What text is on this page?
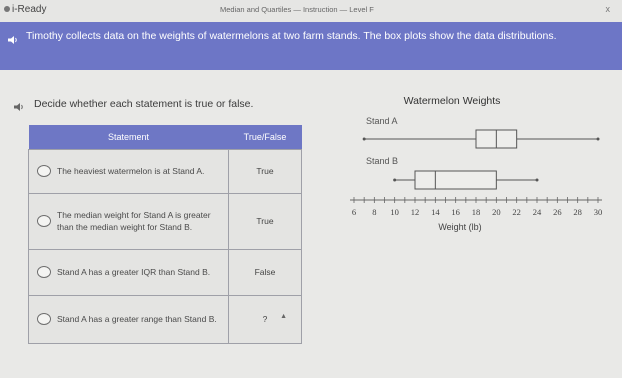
i-Ready	Median and Quartiles — Instruction — Level F	x
Timothy collects data on the weights of watermelons at two farm stands. The box plots show the data distributions.
Decide whether each statement is true or false.
Statement	True/False

The heaviest watermelon is at Stand A.	True

The median weight for Stand A is greater than the median weight for Stand B.	True

Stand A has a greater IQR than Stand B.	False

Stand A has a greater range than Stand B.	? ▲
Watermelon Weights
Stand A
Stand B
6 8 10 12 14 16 18 20 22 24 26 28 30
Weight (lb)
